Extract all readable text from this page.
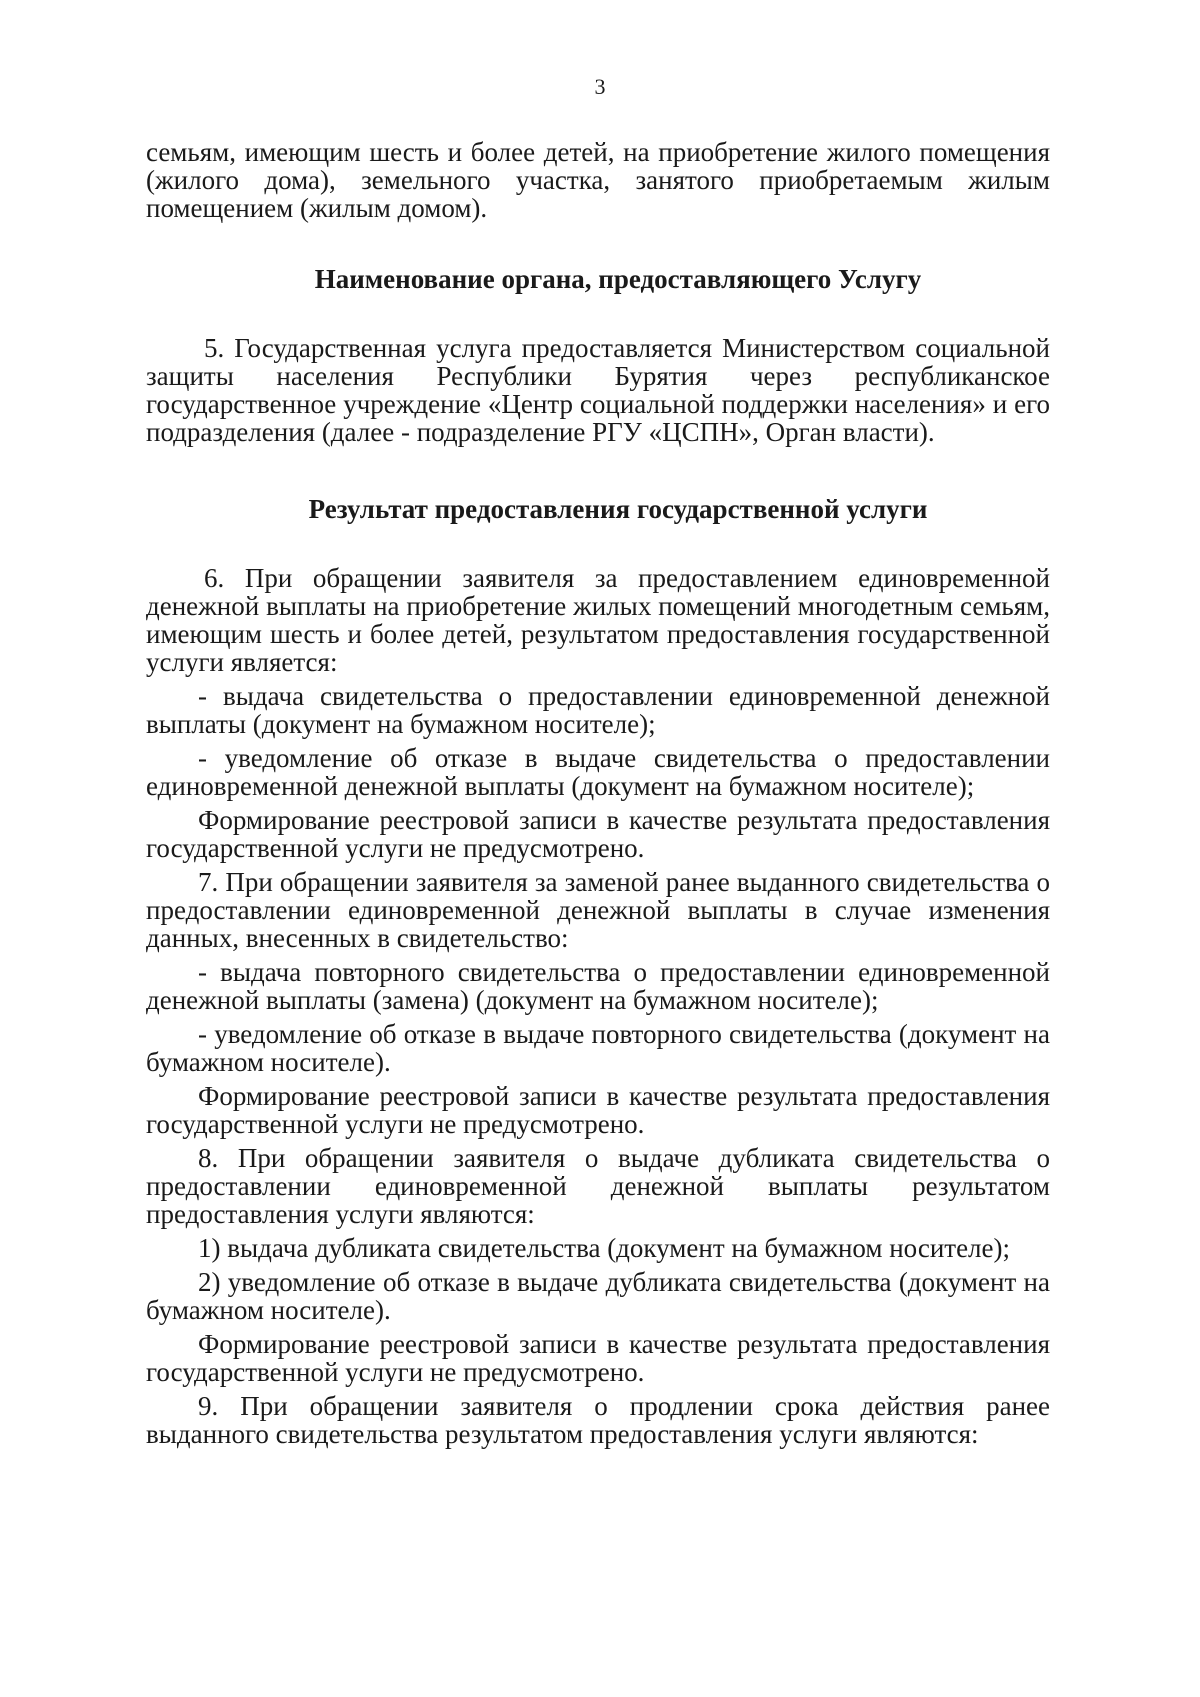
3

семьям, имеющим шесть и более детей, на приобретение жилого помещения (жилого дома), земельного участка, занятого приобретаемым жилым помещением (жилым домом).

Наименование органа, предоставляющего Услугу

5. Государственная услуга предоставляется Министерством социальной защиты населения Республики Бурятия через республиканское государственное учреждение «Центр социальной поддержки населения» и его подразделения (далее - подразделение РГУ «ЦСПН», Орган власти).

Результат предоставления государственной услуги

6. При обращении заявителя за предоставлением единовременной денежной выплаты на приобретение жилых помещений многодетным семьям, имеющим шесть и более детей, результатом предоставления государственной услуги является:

- выдача свидетельства о предоставлении единовременной денежной выплаты (документ на бумажном носителе);

- уведомление об отказе в выдаче свидетельства о предоставлении единовременной денежной выплаты (документ на бумажном носителе);

Формирование реестровой записи в качестве результата предоставления государственной услуги не предусмотрено.

7. При обращении заявителя за заменой ранее выданного свидетельства о предоставлении единовременной денежной выплаты в случае изменения данных, внесенных в свидетельство:

- выдача повторного свидетельства о предоставлении единовременной денежной выплаты (замена) (документ на бумажном носителе);

- уведомление об отказе в выдаче повторного свидетельства (документ на бумажном носителе).

Формирование реестровой записи в качестве результата предоставления государственной услуги не предусмотрено.

8. При обращении заявителя о выдаче дубликата свидетельства о предоставлении единовременной денежной выплаты результатом предоставления услуги являются:

1) выдача дубликата свидетельства (документ на бумажном носителе);

2) уведомление об отказе в выдаче дубликата свидетельства (документ на бумажном носителе).

Формирование реестровой записи в качестве результата предоставления государственной услуги не предусмотрено.

9. При обращении заявителя о продлении срока действия ранее выданного свидетельства результатом предоставления услуги являются:
